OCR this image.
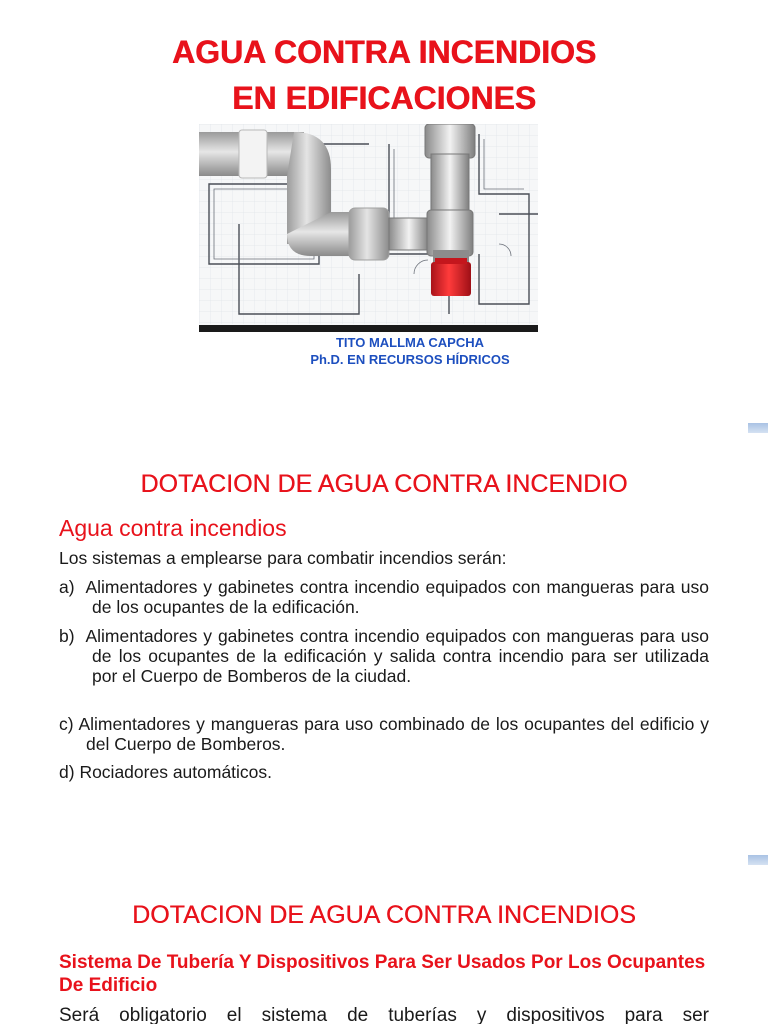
AGUA CONTRA INCENDIOS
EN EDIFICACIONES
TITO MALLMA CAPCHA
Ph.D. EN RECURSOS HÍDRICOS
DOTACION DE AGUA CONTRA INCENDIO
Agua contra incendios
Los sistemas a emplearse para combatir incendios serán:
a) Alimentadores y gabinetes contra incendio equipados con mangueras para uso de los ocupantes de la edificación.
b) Alimentadores y gabinetes contra incendio equipados con mangueras para uso de los ocupantes de la edificación y salida contra incendio para ser utilizada por el Cuerpo de Bomberos de la ciudad.
c) Alimentadores y mangueras para uso combinado de los ocupantes del edificio y del Cuerpo de Bomberos.
d) Rociadores automáticos.
DOTACION DE AGUA CONTRA INCENDIOS
Sistema De Tubería Y Dispositivos Para Ser Usados Por Los Ocupantes De Edificio
Será obligatorio el sistema de tuberías y dispositivos para ser
